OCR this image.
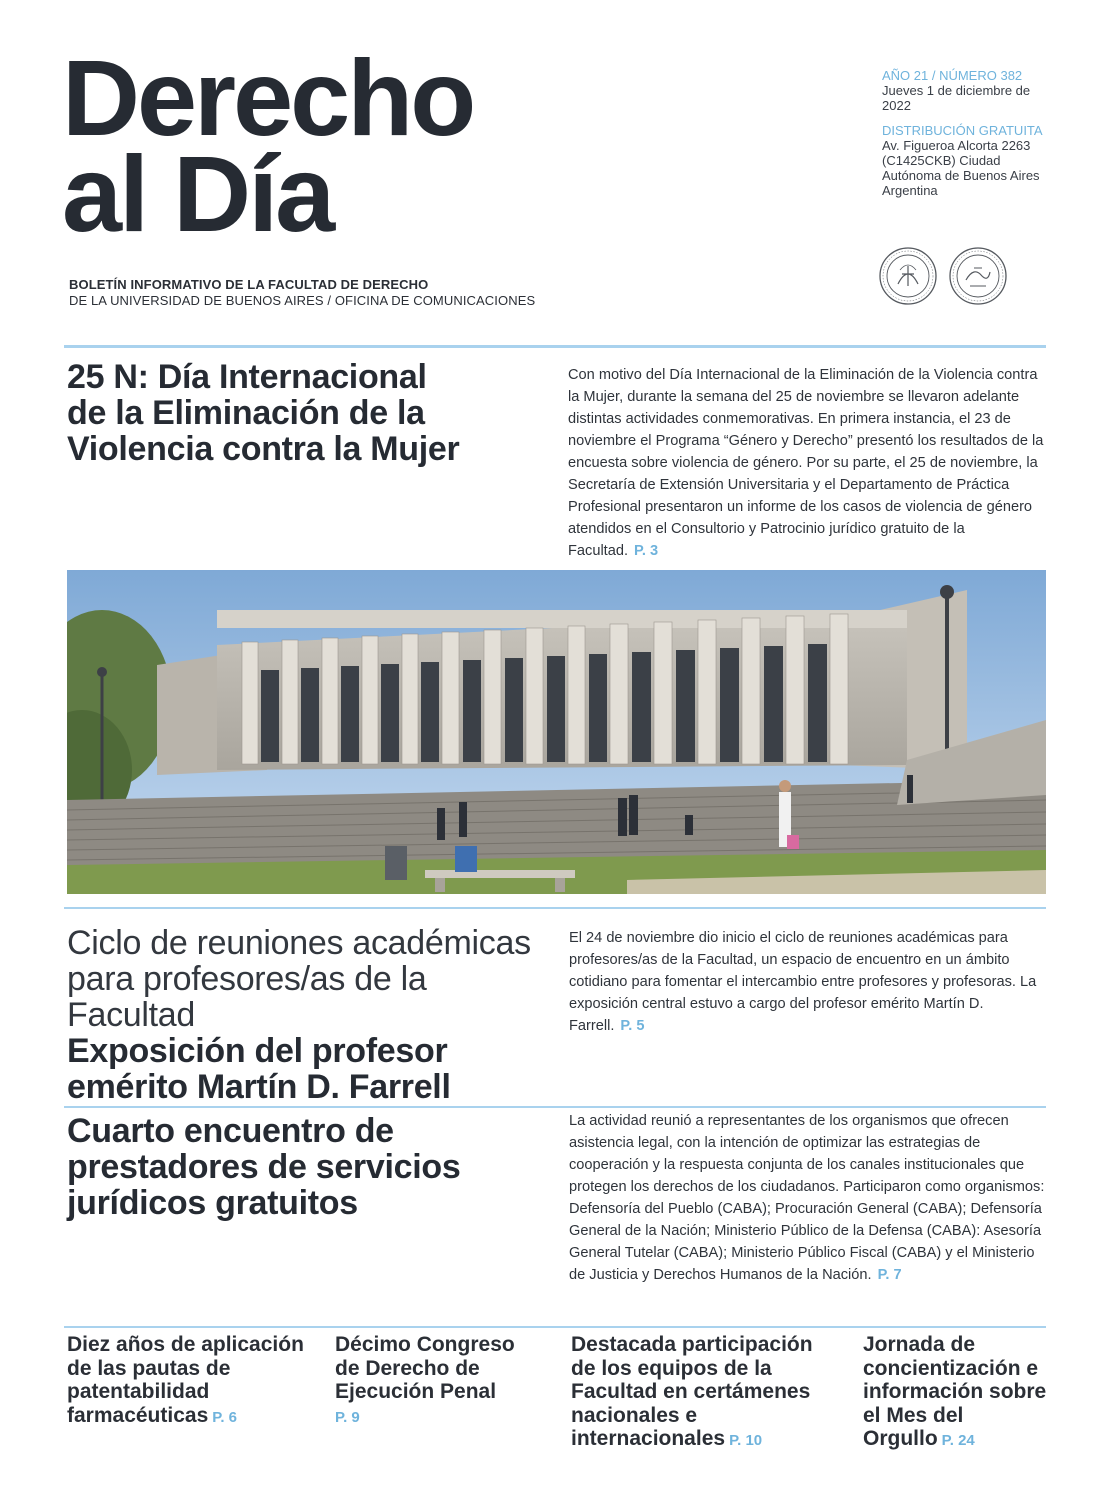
Derecho
al Día
BOLETÍN INFORMATIVO DE LA FACULTAD DE DERECHO
DE LA UNIVERSIDAD DE BUENOS AIRES / OFICINA DE COMUNICACIONES
AÑO 21 / NÚMERO 382
Jueves 1 de diciembre de 2022
DISTRIBUCIÓN GRATUITA
Av. Figueroa Alcorta 2263 (C1425CKB) Ciudad Autónoma de Buenos Aires Argentina
25 N: Día Internacional
de la Eliminación de la
Violencia contra la Mujer
Con motivo del Día Internacional de la Eliminación de la Violencia contra la Mujer, durante la semana del 25 de noviembre se llevaron adelante distintas actividades conmemorativas. En primera instancia, el 23 de noviembre el Programa “Género y Derecho” presentó los resultados de la encuesta sobre violencia de género. Por su parte, el 25 de noviembre, la Secretaría de Extensión Universitaria y el Departamento de Práctica Profesional presentaron un informe de los casos de violencia de género atendidos en el Consultorio y Patrocinio jurídico gratuito de la Facultad. P. 3
Ciclo de reuniones académicas
para profesores/as de la Facultad
Exposición del profesor
emérito Martín D. Farrell
El 24 de noviembre dio inicio el ciclo de reuniones académicas para profesores/as de la Facultad, un espacio de encuentro en un ámbito cotidiano para fomentar el intercambio entre profesores y profesoras. La exposición central estuvo a cargo del profesor emérito Martín D. Farrell. P. 5
Cuarto encuentro de
prestadores de servicios
jurídicos gratuitos
La actividad reunió a representantes de los organismos que ofrecen asistencia legal, con la intención de optimizar las estrategias de cooperación y la respuesta conjunta de los canales institucionales que protegen los derechos de los ciudadanos. Participaron como organismos: Defensoría del Pueblo (CABA); Procuración General (CABA); Defensoría General de la Nación; Ministerio Público de la Defensa (CABA): Asesoría General Tutelar (CABA); Ministerio Público Fiscal (CABA) y el Ministerio de Justicia y Derechos Humanos de la Nación. P. 7
Diez años de aplicación de las pautas de patentabilidad farmacéuticas P. 6
Décimo Congreso de Derecho de Ejecución Penal
P. 9
Destacada participación de los equipos de la Facultad en certámenes nacionales e internacionales P. 10
Jornada de concientización e información sobre el Mes del Orgullo P. 24
